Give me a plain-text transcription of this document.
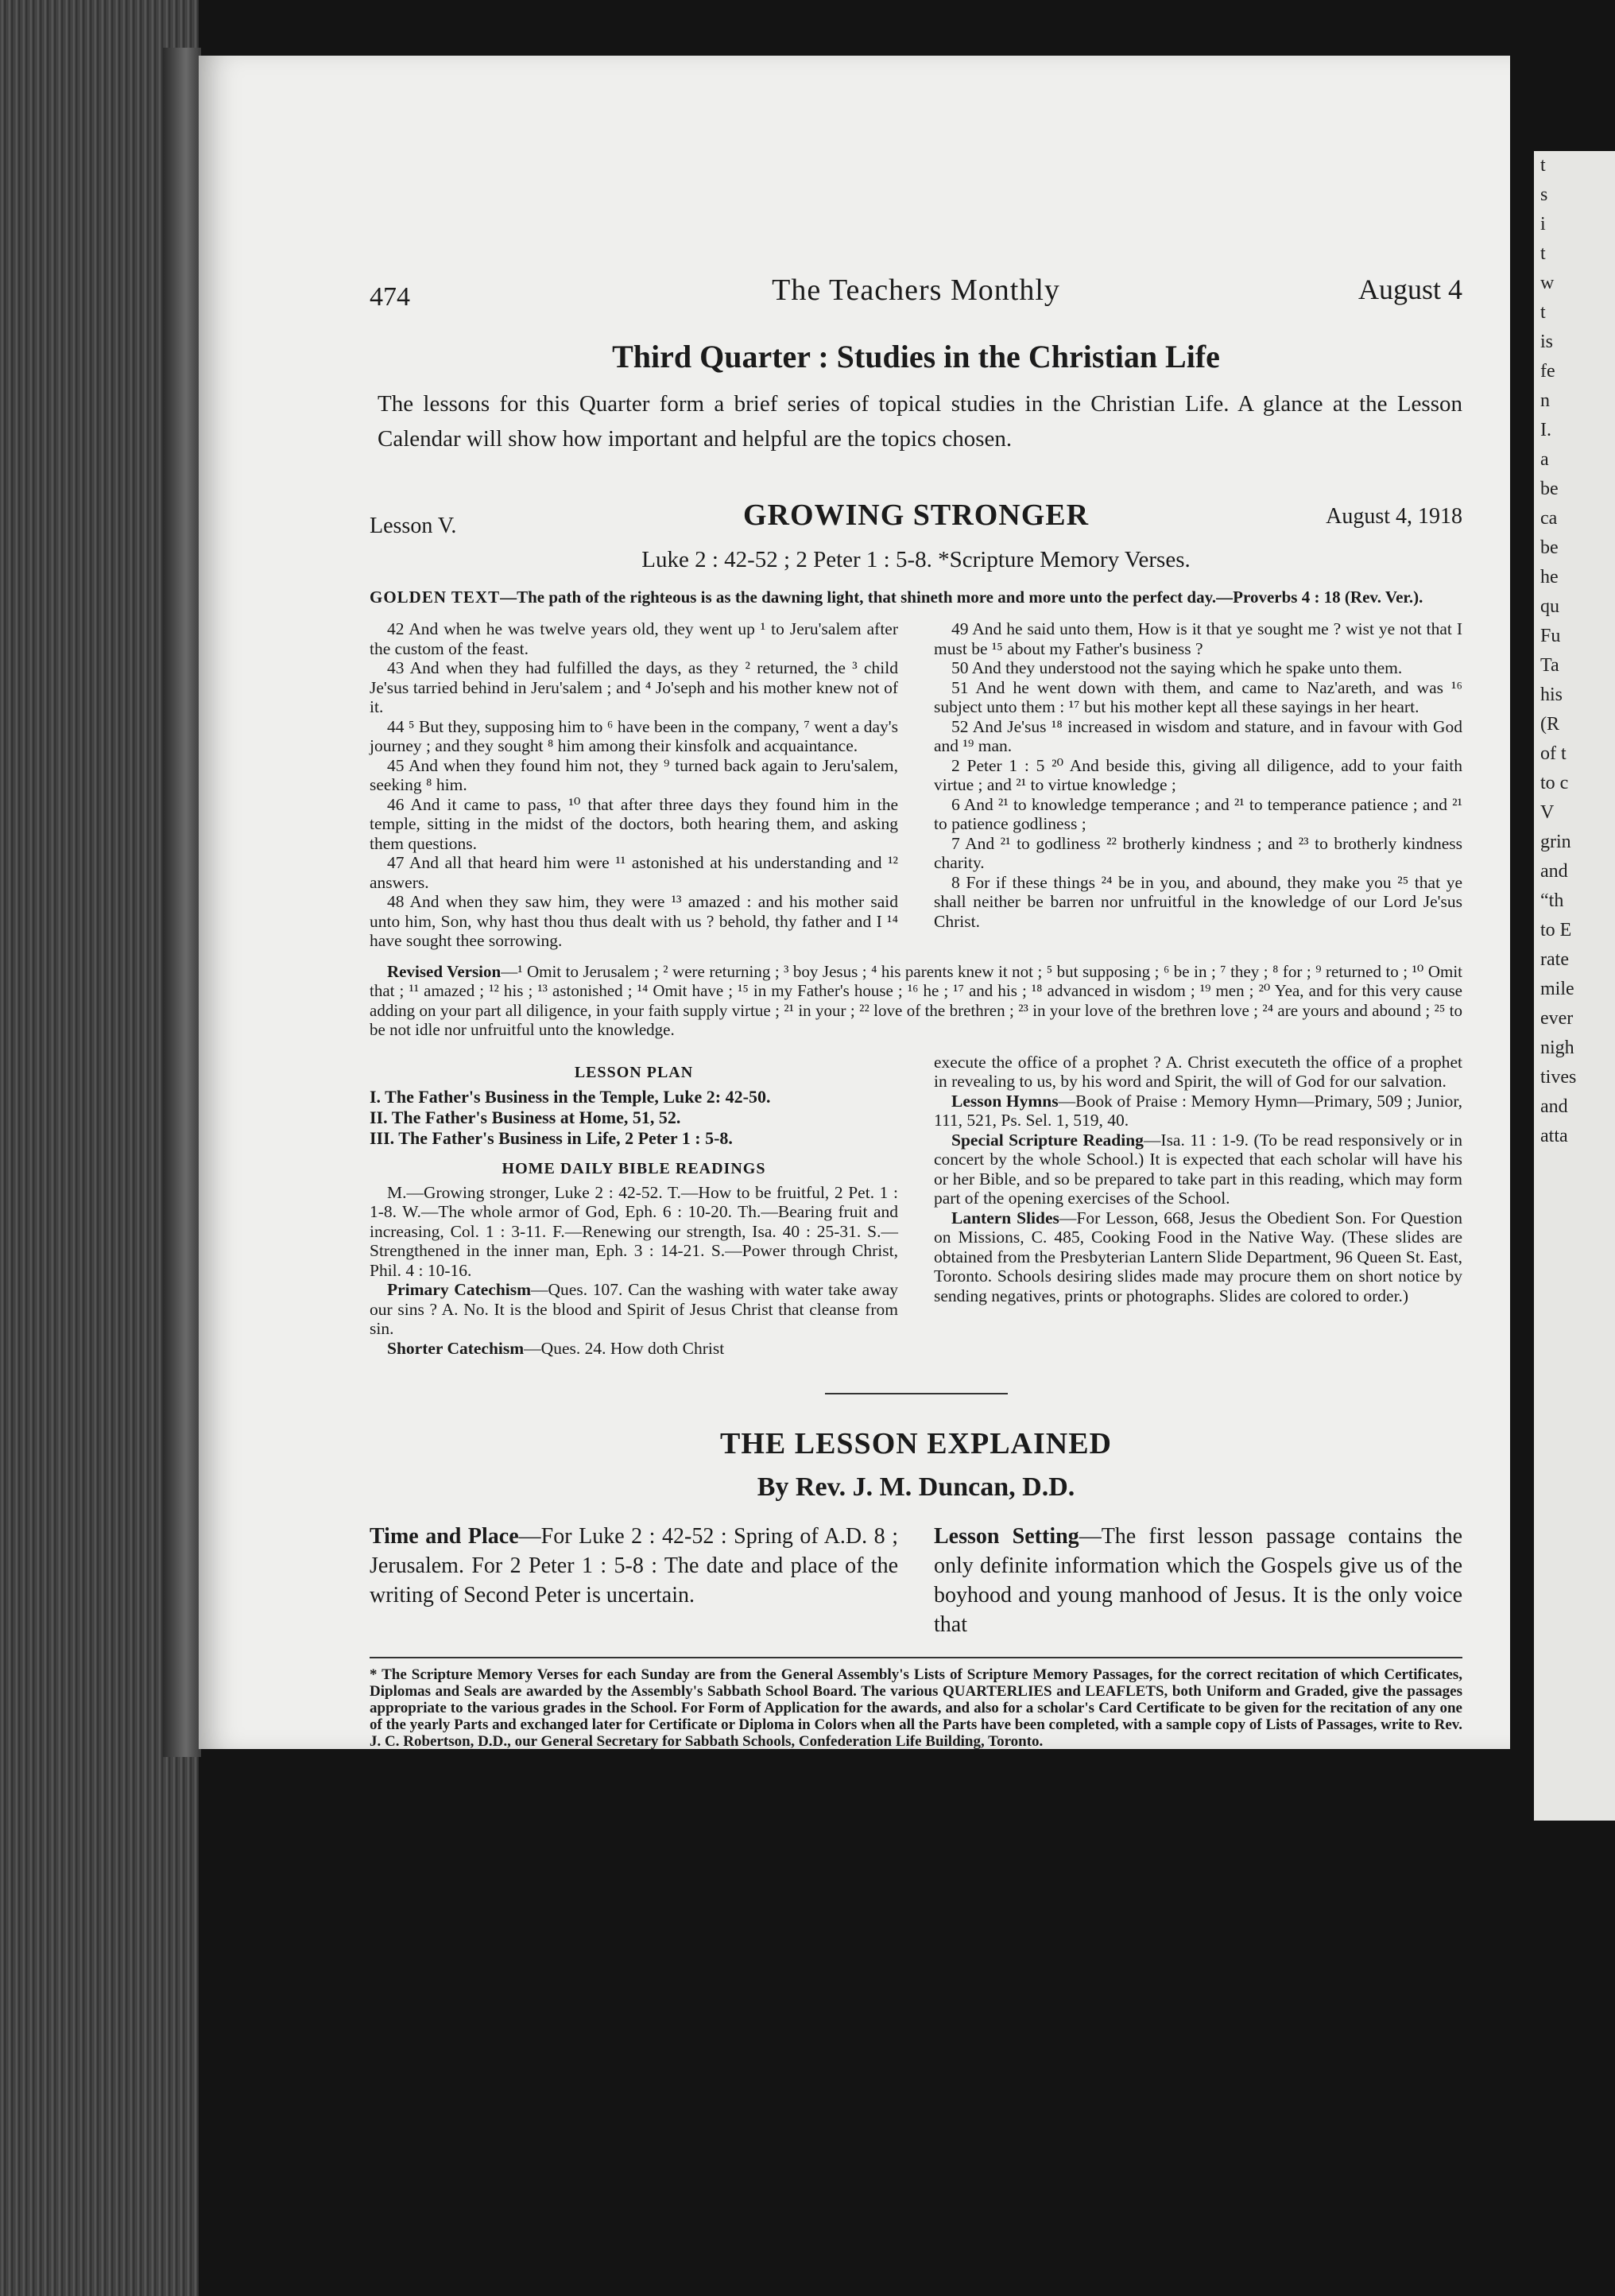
t
s
i
t
w
t
is
fe
n
I.
a
be
ca
be
he
qu
Fu
Ta
his
(R
of t
to c
V
grin
and
“th
to E
rate
mile
ever
nigh
tives
and
atta
474	The Teachers Monthly	August 4
Third Quarter : Studies in the Christian Life
The lessons for this Quarter form a brief series of topical studies in the Christian Life. A glance at the Lesson Calendar will show how important and helpful are the topics chosen.
Lesson V.	GROWING STRONGER	August 4, 1918
Luke 2 : 42-52 ; 2 Peter 1 : 5-8. *Scripture Memory Verses.
GOLDEN TEXT—The path of the righteous is as the dawning light, that shineth more and more unto the perfect day.—Proverbs 4 : 18 (Rev. Ver.).

42 And when he was twelve years old, they went up ¹ to Jeru'salem after the custom of the feast.

43 And when they had fulfilled the days, as they ² returned, the ³ child Je'sus tarried behind in Jeru'salem ; and ⁴ Jo'seph and his mother knew not of it.

44 ⁵ But they, supposing him to ⁶ have been in the company, ⁷ went a day's journey ; and they sought ⁸ him among their kinsfolk and acquaintance.

45 And when they found him not, they ⁹ turned back again to Jeru'salem, seeking ⁸ him.

46 And it came to pass, ¹⁰ that after three days they found him in the temple, sitting in the midst of the doctors, both hearing them, and asking them questions.

47 And all that heard him were ¹¹ astonished at his understanding and ¹² answers.

48 And when they saw him, they were ¹³ amazed : and his mother said unto him, Son, why hast thou thus dealt with us ? behold, thy father and I ¹⁴ have sought thee sorrowing.

49 And he said unto them, How is it that ye sought me ? wist ye not that I must be ¹⁵ about my Father's business ?

50 And they understood not the saying which he spake unto them.

51 And he went down with them, and came to Naz'areth, and was ¹⁶ subject unto them : ¹⁷ but his mother kept all these sayings in her heart.

52 And Je'sus ¹⁸ increased in wisdom and stature, and in favour with God and ¹⁹ man.

2 Peter 1 : 5 ²⁰ And beside this, giving all diligence, add to your faith virtue ; and ²¹ to virtue knowledge ;

6 And ²¹ to knowledge temperance ; and ²¹ to temperance patience ; and ²¹ to patience godliness ;

7 And ²¹ to godliness ²² brotherly kindness ; and ²³ to brotherly kindness charity.

8 For if these things ²⁴ be in you, and abound, they make you ²⁵ that ye shall neither be barren nor unfruitful in the knowledge of our Lord Je'sus Christ.

Revised Version—¹ Omit to Jerusalem ; ² were returning ; ³ boy Jesus ; ⁴ his parents knew it not ; ⁵ but supposing ; ⁶ be in ; ⁷ they ; ⁸ for ; ⁹ returned to ; ¹⁰ Omit that ; ¹¹ amazed ; ¹² his ; ¹³ astonished ; ¹⁴ Omit have ; ¹⁵ in my Father's house ; ¹⁶ he ; ¹⁷ and his ; ¹⁸ advanced in wisdom ; ¹⁹ men ; ²⁰ Yea, and for this very cause adding on your part all diligence, in your faith supply virtue ; ²¹ in your ; ²² love of the brethren ; ²³ in your love of the brethren love ; ²⁴ are yours and abound ; ²⁵ to be not idle nor unfruitful unto the knowledge.
LESSON PLAN

I. The Father's Business in the Temple, Luke 2: 42-50.

II. The Father's Business at Home, 51, 52.

III. The Father's Business in Life, 2 Peter 1 : 5-8.

HOME DAILY BIBLE READINGS

M.—Growing stronger, Luke 2 : 42-52. T.—How to be fruitful, 2 Pet. 1 : 1-8. W.—The whole armor of God, Eph. 6 : 10-20. Th.—Bearing fruit and increasing, Col. 1 : 3-11. F.—Renewing our strength, Isa. 40 : 25-31. S.—Strengthened in the inner man, Eph. 3 : 14-21. S.—Power through Christ, Phil. 4 : 10-16.

Primary Catechism—Ques. 107. Can the washing with water take away our sins ? A. No. It is the blood and Spirit of Jesus Christ that cleanse from sin.

Shorter Catechism—Ques. 24. How doth Christ

execute the office of a prophet ? A. Christ executeth the office of a prophet in revealing to us, by his word and Spirit, the will of God for our salvation.

Lesson Hymns—Book of Praise : Memory Hymn—Primary, 509 ; Junior, 111, 521, Ps. Sel. 1, 519, 40.

Special Scripture Reading—Isa. 11 : 1-9. (To be read responsively or in concert by the whole School.) It is expected that each scholar will have his or her Bible, and so be prepared to take part in this reading, which may form part of the opening exercises of the School.

Lantern Slides—For Lesson, 668, Jesus the Obedient Son. For Question on Missions, C. 485, Cooking Food in the Native Way. (These slides are obtained from the Presbyterian Lantern Slide Department, 96 Queen St. East, Toronto. Schools desiring slides made may procure them on short notice by sending negatives, prints or photographs. Slides are colored to order.)

THE LESSON EXPLAINED
By Rev. J. M. Duncan, D.D.

Time and Place—For Luke 2 : 42-52 : Spring of A.D. 8 ; Jerusalem. For 2 Peter 1 : 5-8 : The date and place of the writing of Second Peter is uncertain.

Lesson Setting—The first lesson passage contains the only definite information which the Gospels give us of the boyhood and young manhood of Jesus. It is the only voice that

* The Scripture Memory Verses for each Sunday are from the General Assembly's Lists of Scripture Memory Passages, for the correct recitation of which Certificates, Diplomas and Seals are awarded by the Assembly's Sabbath School Board. The various QUARTERLIES and LEAFLETS, both Uniform and Graded, give the passages appropriate to the various grades in the School. For Form of Application for the awards, and also for a scholar's Card Certificate to be given for the recitation of any one of the yearly Parts and exchanged later for Certificate or Diploma in Colors when all the Parts have been completed, with a sample copy of Lists of Passages, write to Rev. J. C. Robertson, D.D., our General Secretary for Sabbath Schools, Confederation Life Building, Toronto.
